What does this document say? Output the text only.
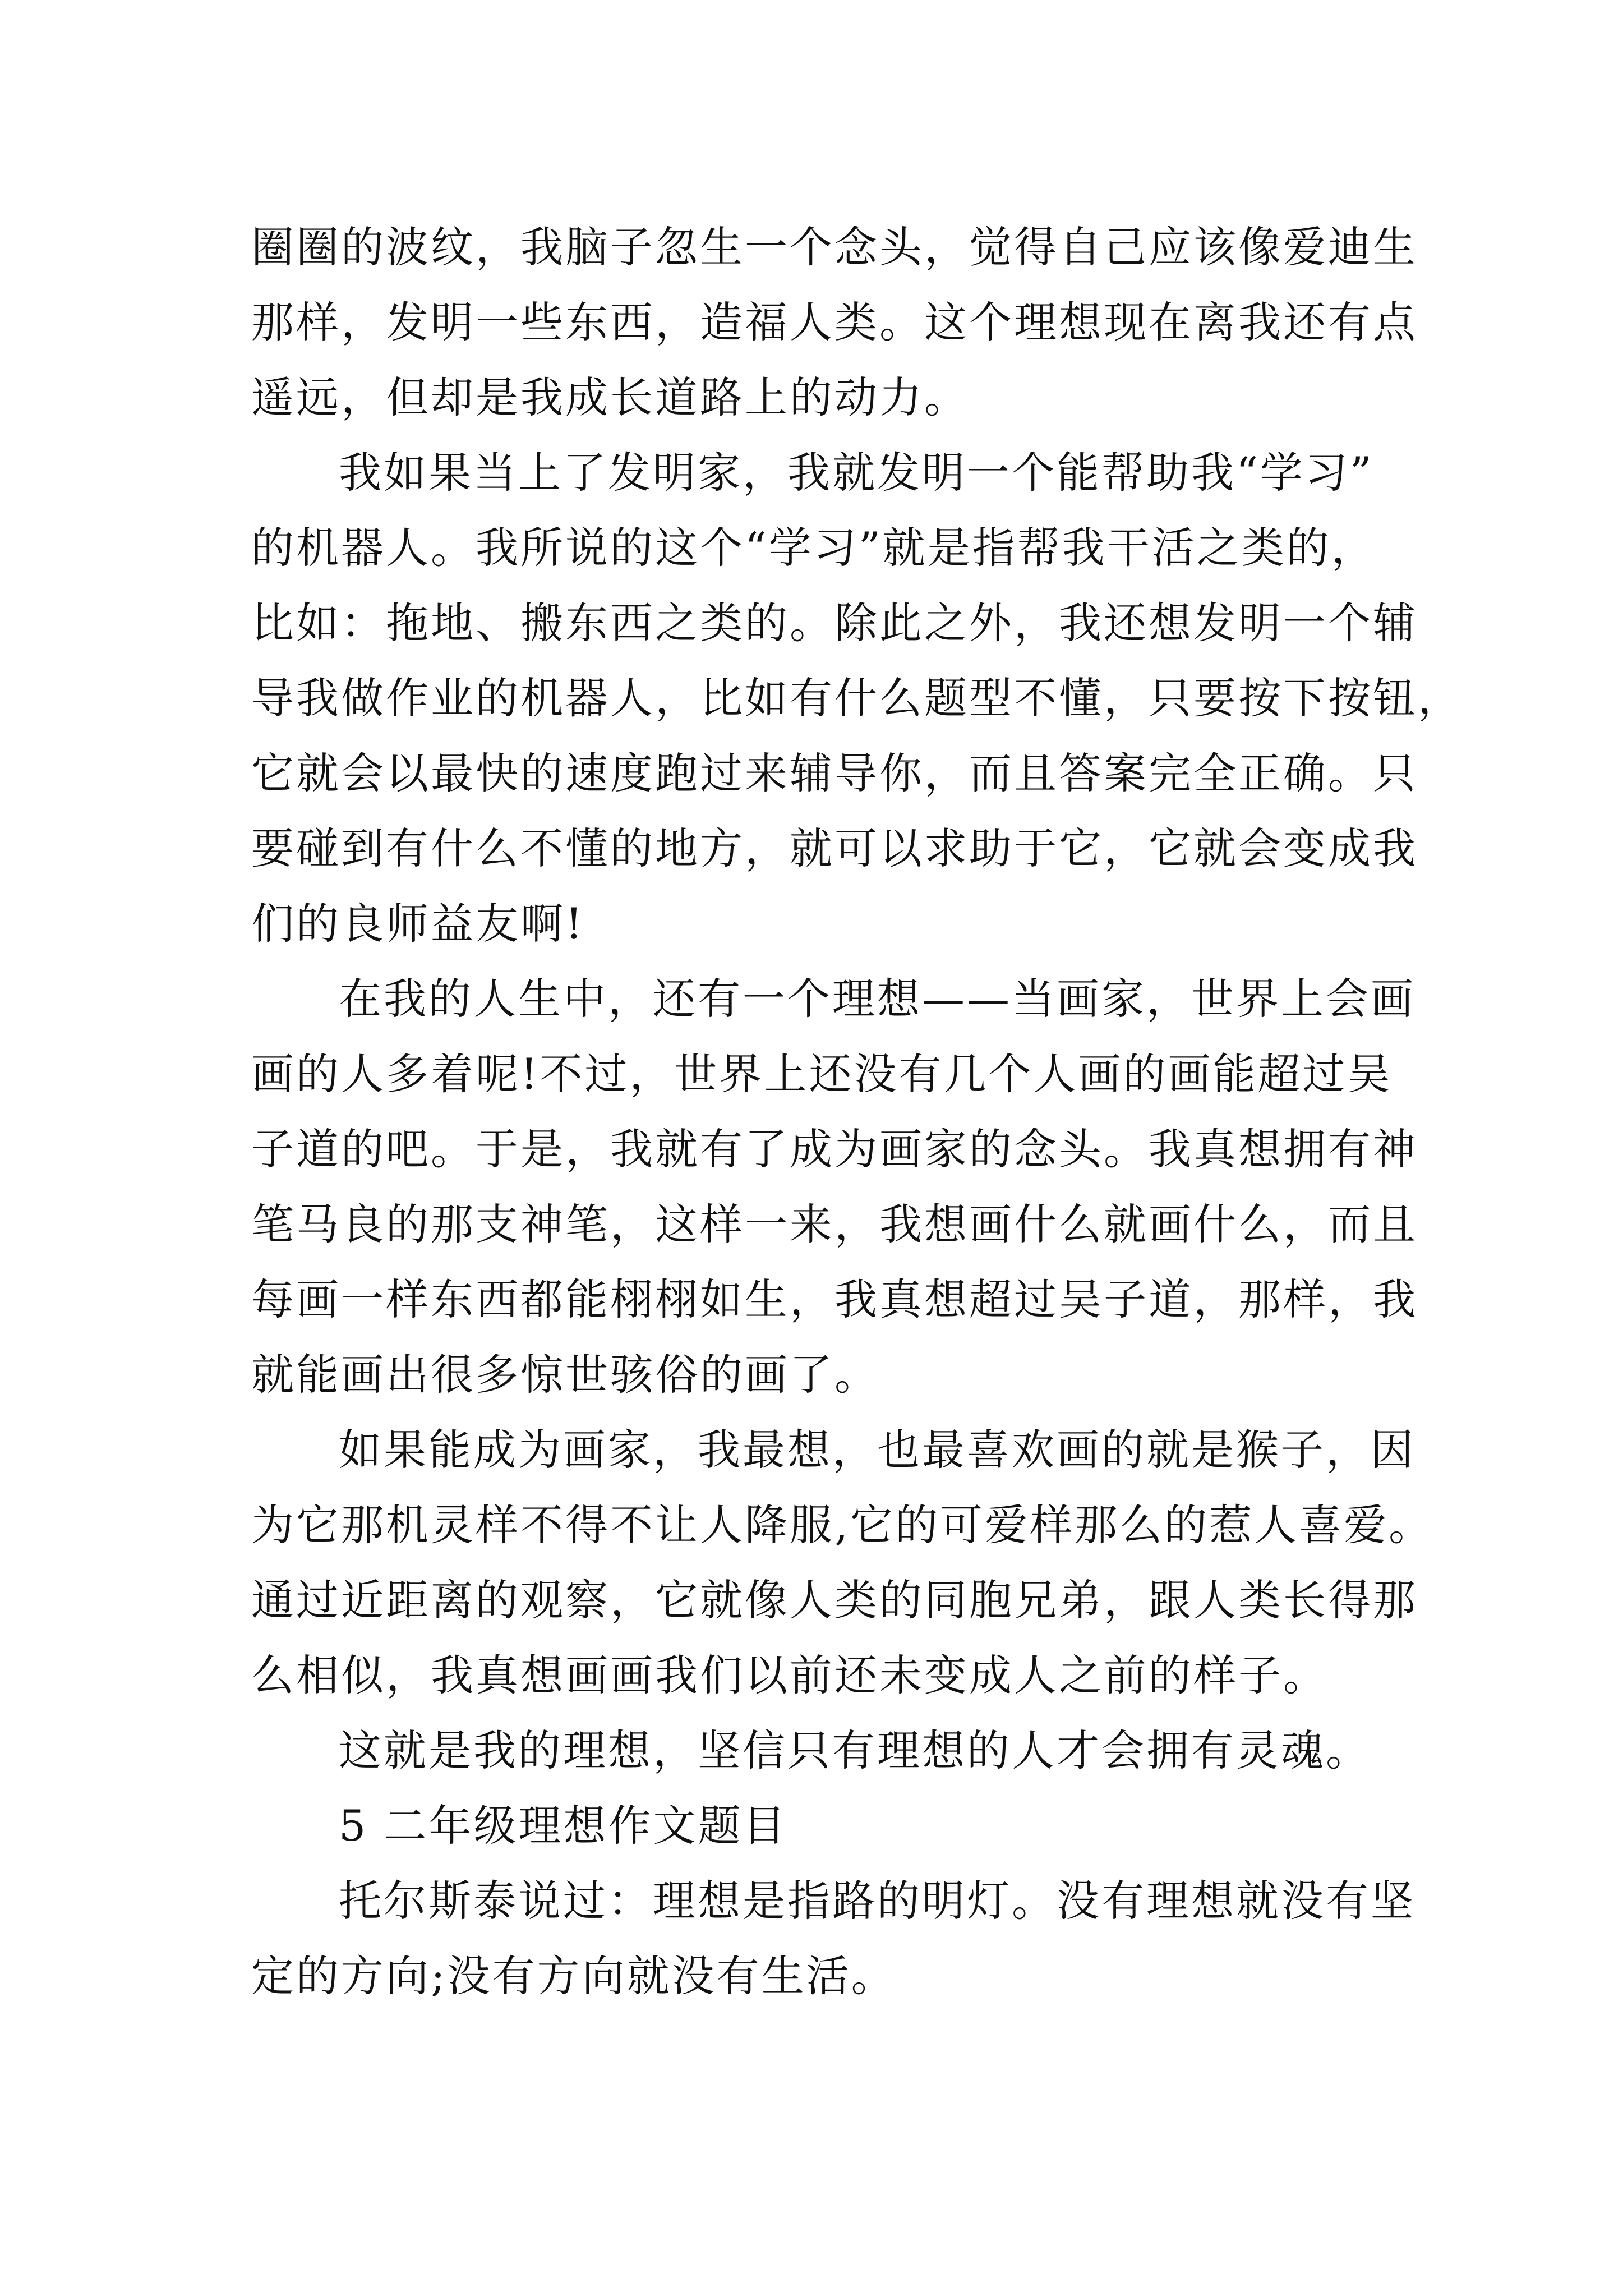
圈圈的波纹，我脑子忽生一个念头，觉得自己应该像爱迪生
那样，发明一些东西，造福人类。这个理想现在离我还有点
遥远，但却是我成长道路上的动力。

我如果当上了发明家，我就发明一个能帮助我“学习”
的机器人。我所说的这个“学习”就是指帮我干活之类的，
比如：拖地、搬东西之类的。除此之外，我还想发明一个辅
导我做作业的机器人，比如有什么题型不懂，只要按下按钮，
它就会以最快的速度跑过来辅导你，而且答案完全正确。只
要碰到有什么不懂的地方，就可以求助于它，它就会变成我
们的良师益友啊!

在我的人生中，还有一个理想——当画家，世界上会画
画的人多着呢!不过，世界上还没有几个人画的画能超过吴
子道的吧。于是，我就有了成为画家的念头。我真想拥有神
笔马良的那支神笔，这样一来，我想画什么就画什么，而且
每画一样东西都能栩栩如生，我真想超过吴子道，那样，我
就能画出很多惊世骇俗的画了。

如果能成为画家，我最想，也最喜欢画的就是猴子，因
为它那机灵样不得不让人降服,它的可爱样那么的惹人喜爱。
通过近距离的观察，它就像人类的同胞兄弟，跟人类长得那
么相似，我真想画画我们以前还未变成人之前的样子。

这就是我的理想，坚信只有理想的人才会拥有灵魂。

5 二年级理想作文题目

托尔斯泰说过：理想是指路的明灯。没有理想就没有坚
定的方向;没有方向就没有生活。
